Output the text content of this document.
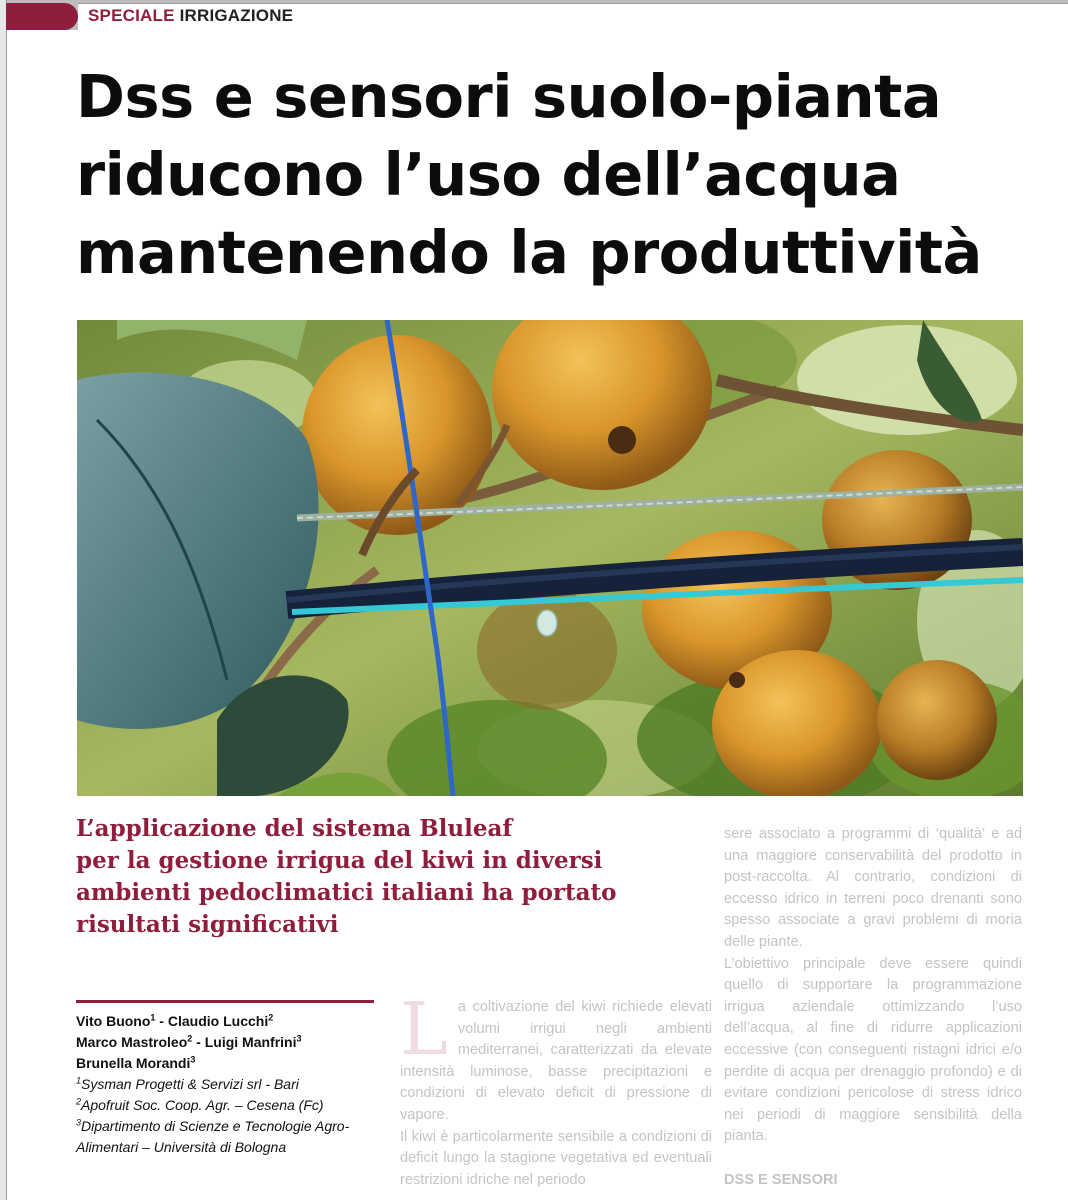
SPECIALE IRRIGAZIONE
Dss e sensori suolo-pianta
riducono l’uso dell’acqua
mantenendo la produttività
L’applicazione del sistema Bluleaf
per la gestione irrigua del kiwi in diversi
ambienti pedoclimatici italiani ha portato
risultati significativi
Vito Buono$^1$ - Claudio Lucchi$^2$
Marco Mastroleo$^2$ - Luigi Manfrini$^3$
Brunella Morandi$^3$
$^1$Sysman Progetti & Servizi srl - Bari
$^2$Apofruit Soc. Coop. Agr. – Cesena (Fc)
$^3$Dipartimento di Scienze e Tecnologie Agro-
Alimentari – Università di Bologna
L a coltivazione del kiwi richiede elevati volumi irrigui negli ambienti mediterranei, caratterizzati da elevate intensità luminose, basse precipitazioni e condizioni di elevato deficit di pressione di vapore.

Il kiwi è particolarmente sensibile a condizioni di deficit lungo la stagione vegetativa ed eventuali restrizioni idriche nel periodo

sere associato a programmi di ‘qualità’ e ad una maggiore conservabilità del prodotto in post-raccolta. Al contrario, condizioni di eccesso idrico in terreni poco drenanti sono spesso associate a gravi problemi di moria delle piante.

L’obiettivo principale deve essere quindi quello di supportare la programmazione irrigua aziendale ottimizzando l’uso dell’acqua, al fine di ridurre applicazioni eccessive (con conseguenti ristagni idrici e/o perdite di acqua per drenaggio profondo) e di evitare condizioni pericolose di stress idrico nei periodi di maggiore sensibilità della pianta.

DSS E SENSORI
